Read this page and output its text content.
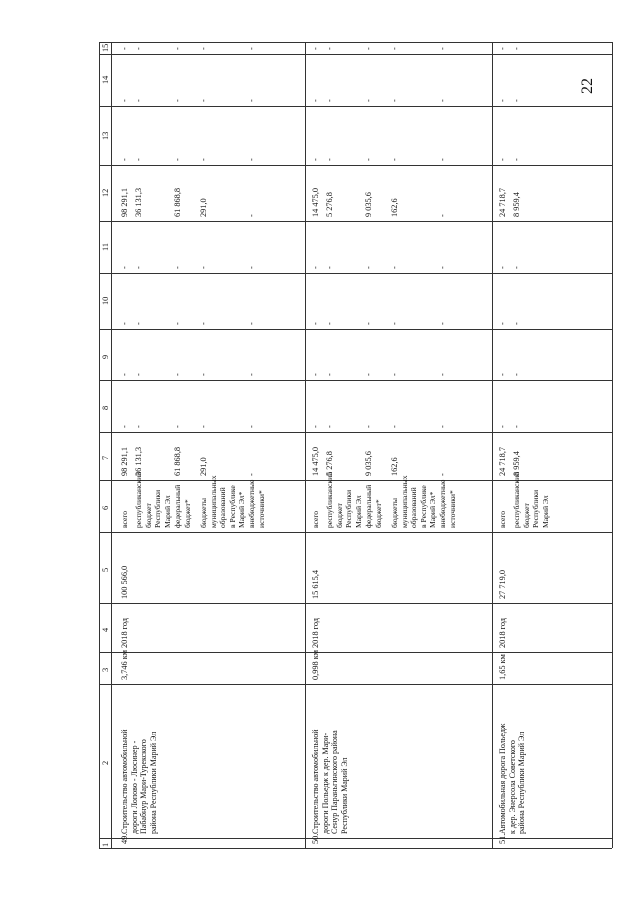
22
1
2
3
4
5
6
7
8
9
10
11
12
13
14
15
49.
Строительство автомобильной дороги Лопово - Люсинер - Пабабнур Мари-Турекского района Республики Марий Эл
3,746 км
2018 год
100 566,0
всего
98 291,1
-
-
-
-
98 291,1
-
-
-
республиканский бюджет Республики Марий Эл
36 131,3
-
-
-
-
36 131,3
-
-
-
федеральный бюджет*
61 868,8
-
-
-
-
61 868,8
-
-
-
бюджеты муниципальных образований в Республике Марий Эл*
291,0
-
-
-
-
291,0
-
-
-
внебюджетные источники*
-
-
-
-
-
-
-
-
-
50.
Строительство автомобильной дороги Польедж к дер. Мари- Сенур Параньгинского района Республики Марий Эл
0,998 км
2018 год
15 615,4
всего
14 475,0
-
-
-
-
14 475,0
-
-
-
республиканский бюджет Республики Марий Эл
5 276,8
-
-
-
-
5 276,8
-
-
-
федеральный бюджет*
9 035,6
-
-
-
-
9 035,6
-
-
-
бюджеты муниципальных образований в Республике Марий Эл*
162,6
-
-
-
-
162,6
-
-
-
внебюджетные источники*
-
-
-
-
-
-
-
-
-
51.
Автомобильная дорога Польедж к дер. Энерсола Советского района Республики Марий Эл
1,65 км
2018 год
27 719,0
всего
24 718,7
-
-
-
-
24 718,7
-
-
-
республиканский бюджет Республики Марий Эл
8 959,4
-
-
-
-
8 959,4
-
-
-
